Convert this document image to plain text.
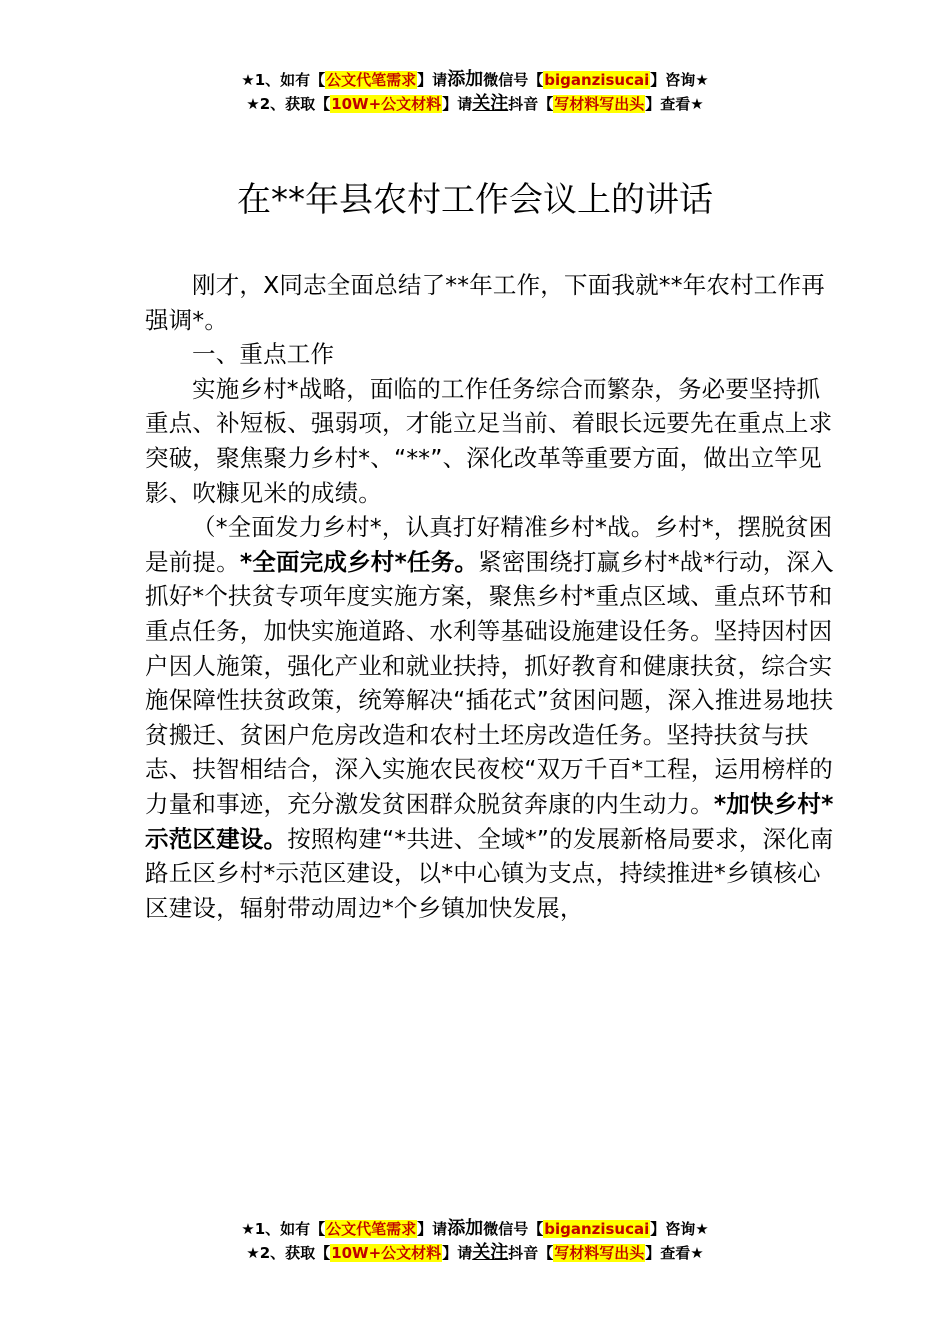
★1、如有【公文代笔需求】请添加微信号【biganzisucai】咨询★
★2、获取【10W+公文材料】请关注抖音【写材料写出头】查看★
在**年县农村工作会议上的讲话

刚才，X同志全面总结了**年工作，下面我就**年农村工作再强调*。

一、重点工作

实施乡村*战略，面临的工作任务综合而繁杂，务必要坚持抓重点、补短板、强弱项，才能立足当前、着眼长远要先在重点上求突破，聚焦聚力乡村*、“**”、深化改革等重要方面，做出立竿见影、吹糠见米的成绩。

（*全面发力乡村*，认真打好精准乡村*战。乡村*，摆脱贫困是前提。*全面完成乡村*任务。紧密围绕打赢乡村*战*行动，深入抓好*个扶贫专项年度实施方案，聚焦乡村*重点区域、重点环节和重点任务，加快实施道路、水利等基础设施建设任务。坚持因村因户因人施策，强化产业和就业扶持，抓好教育和健康扶贫，综合实施保障性扶贫政策，统筹解决“插花式”贫困问题，深入推进易地扶贫搬迁、贫困户危房改造和农村土坯房改造任务。坚持扶贫与扶志、扶智相结合，深入实施农民夜校“双万千百*工程，运用榜样的力量和事迹，充分激发贫困群众脱贫奔康的内生动力。*加快乡村*示范区建设。按照构建“*共进、全域*”的发展新格局要求，深化南路丘区乡村*示范区建设，以*中心镇为支点，持续推进*乡镇核心区建设，辐射带动周边*个乡镇加快发展，

★1、如有【公文代笔需求】请添加微信号【biganzisucai】咨询★
★2、获取【10W+公文材料】请关注抖音【写材料写出头】查看★
